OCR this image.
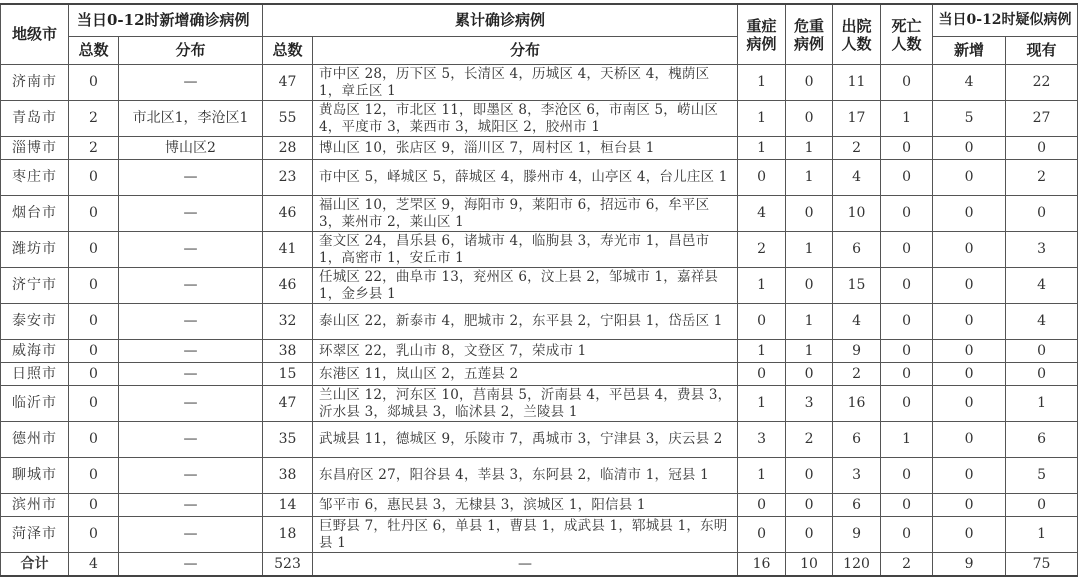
地级市	当日0-12时新增确诊病例		累计确诊病例		重症病例	危重病例	出院人数	死亡人数	当日0-12时疑似病例	
	总数	分布	总数	分布					新增	现有
济南市	0	—	47	市中区 28，历下区 5，长清区 4，历城区 4，天桥区 4，槐荫区 1，章丘区 1	1	0	11	0	4	22
青岛市	2	市北区1，李沧区1	55	黄岛区 12，市北区 11，即墨区 8，李沧区 6，市南区 5，崂山区 4，平度市 3，莱西市 3，城阳区 2，胶州市 1	1	0	17	1	5	27
淄博市	2	博山区2	28	博山区 10，张店区 9，淄川区 7，周村区 1，桓台县 1	1	1	2	0	0	0
枣庄市	0	—	23	市中区 5，峄城区 5，薛城区 4，滕州市 4，山亭区 4，台儿庄区 1	0	1	4	0	0	2
烟台市	0	—	46	福山区 10，芝罘区 9，海阳市 9，莱阳市 6，招远市 6，牟平区 3，莱州市 2，莱山区 1	4	0	10	0	0	0
潍坊市	0	—	41	奎文区 24，昌乐县 6，诸城市 4，临朐县 3，寿光市 1，昌邑市 1，高密市 1，安丘市 1	2	1	6	0	0	3
济宁市	0	—	46	任城区 22，曲阜市 13，兖州区 6，汶上县 2，邹城市 1，嘉祥县 1，金乡县 1	1	0	15	0	0	4
泰安市	0	—	32	泰山区 22，新泰市 4，肥城市 2，东平县 2，宁阳县 1，岱岳区 1	0	1	4	0	0	4
威海市	0	—	38	环翠区 22，乳山市 8，文登区 7，荣成市 1	1	1	9	0	0	0
日照市	0	—	15	东港区 11，岚山区 2，五莲县 2	0	0	2	0	0	0
临沂市	0	—	47	兰山区 12，河东区 10，莒南县 5，沂南县 4，平邑县 4，费县 3，沂水县 3，郯城县 3，临沭县 2，兰陵县 1	1	3	16	0	0	1
德州市	0	—	35	武城县 11，德城区 9，乐陵市 7，禹城市 3，宁津县 3，庆云县 2	3	2	6	1	0	6
聊城市	0	—	38	东昌府区 27，阳谷县 4，莘县 3，东阿县 2，临清市 1，冠县 1	1	0	3	0	0	5
滨州市	0	—	14	邹平市 6，惠民县 3，无棣县 3，滨城区 1，阳信县 1	0	0	6	0	0	0
菏泽市	0	—	18	巨野县 7，牡丹区 6，单县 1，曹县 1，成武县 1，郓城县 1，东明县 1	0	0	9	0	0	1
合计	4	—	523	—	16	10	120	2	9	75
